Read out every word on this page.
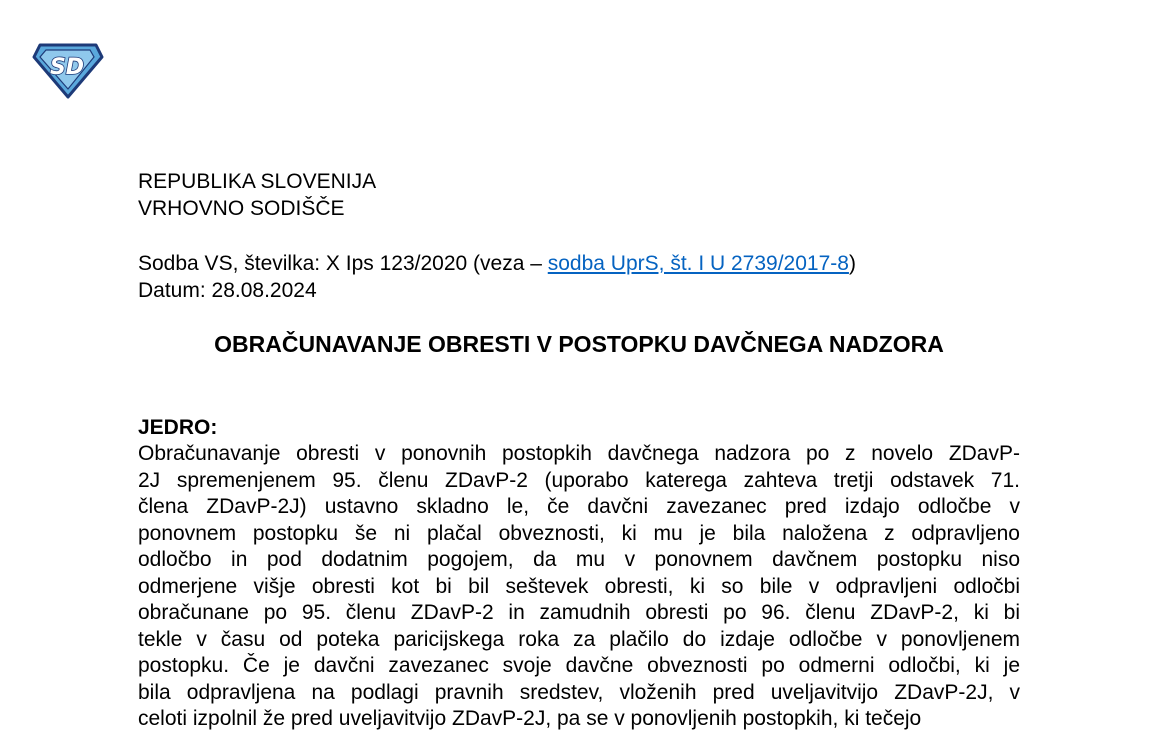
SD
REPUBLIKA SLOVENIJA
VRHOVNO SODIŠČE
Sodba VS, številka: X Ips 123/2020 (veza – sodba UprS, št. I U 2739/2017-8)
Datum: 28.08.2024
OBRAČUNAVANJE OBRESTI V POSTOPKU DAVČNEGA NADZORA
JEDRO:
Obračunavanje obresti v ponovnih postopkih davčnega nadzora po z novelo ZDavP-
2J spremenjenem 95. členu ZDavP-2 (uporabo katerega zahteva tretji odstavek 71.
člena ZDavP-2J) ustavno skladno le, če davčni zavezanec pred izdajo odločbe v
ponovnem postopku še ni plačal obveznosti, ki mu je bila naložena z odpravljeno
odločbo in pod dodatnim pogojem, da mu v ponovnem davčnem postopku niso
odmerjene višje obresti kot bi bil seštevek obresti, ki so bile v odpravljeni odločbi
obračunane po 95. členu ZDavP-2 in zamudnih obresti po 96. členu ZDavP-2, ki bi
tekle v času od poteka paricijskega roka za plačilo do izdaje odločbe v ponovljenem
postopku. Če je davčni zavezanec svoje davčne obveznosti po odmerni odločbi, ki je
bila odpravljena na podlagi pravnih sredstev, vloženih pred uveljavitvijo ZDavP-2J, v
celoti izpolnil že pred uveljavitvijo ZDavP-2J, pa se v ponovljenih postopkih, ki tečejo
